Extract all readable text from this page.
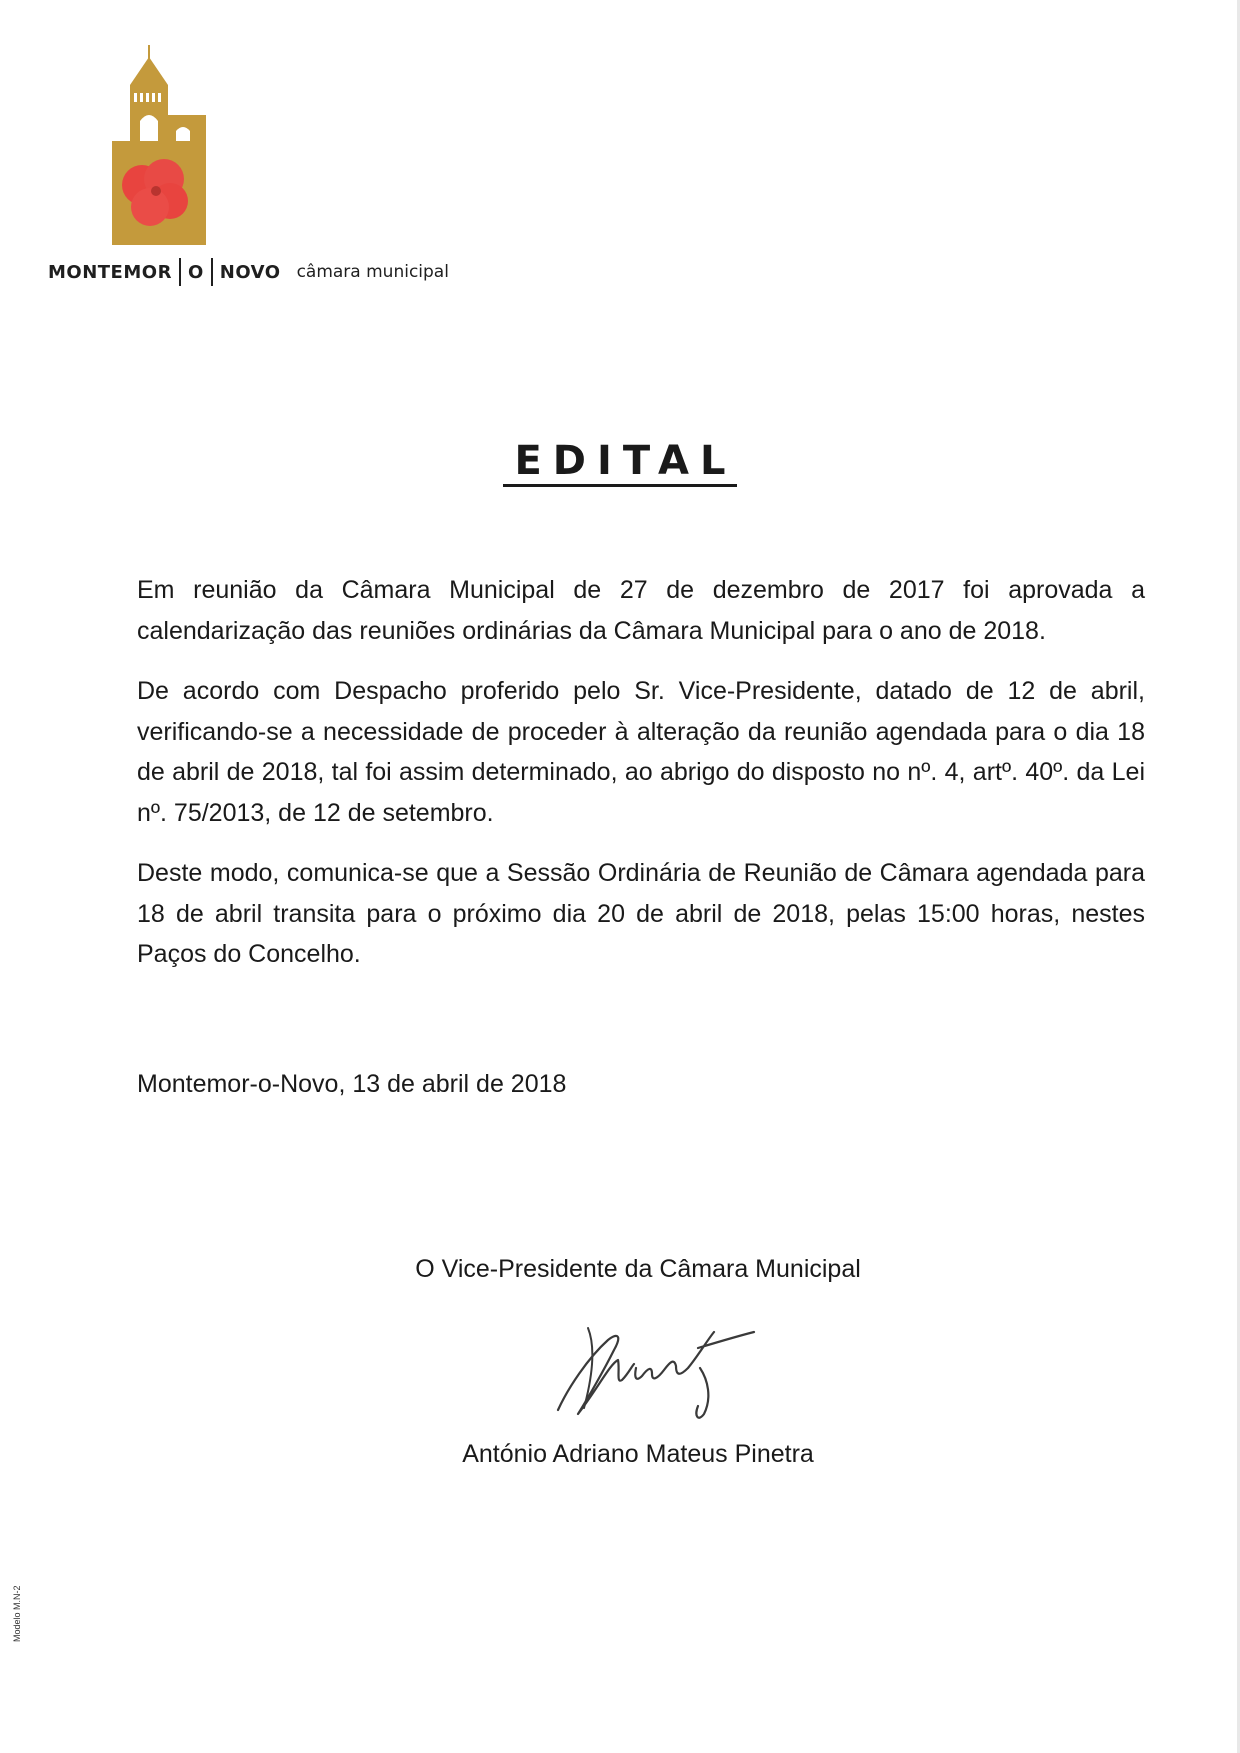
MONTEMOR O NOVO câmara municipal
EDITAL

Em reunião da Câmara Municipal de 27 de dezembro de 2017 foi aprovada a calendarização das reuniões ordinárias da Câmara Municipal para o ano de 2018.

De acordo com Despacho proferido pelo Sr. Vice-Presidente, datado de 12 de abril, verificando-se a necessidade de proceder à alteração da reunião agendada para o dia 18 de abril de 2018, tal foi assim determinado, ao abrigo do disposto no nº. 4, artº. 40º. da Lei nº. 75/2013, de 12 de setembro.

Deste modo, comunica-se que a Sessão Ordinária de Reunião de Câmara agendada para 18 de abril transita para o próximo dia 20 de abril de 2018, pelas 15:00 horas, nestes Paços do Concelho.

Montemor-o-Novo, 13 de abril de 2018
O Vice-Presidente da Câmara Municipal
António Adriano Mateus Pinetra
Modelo M.N-2
